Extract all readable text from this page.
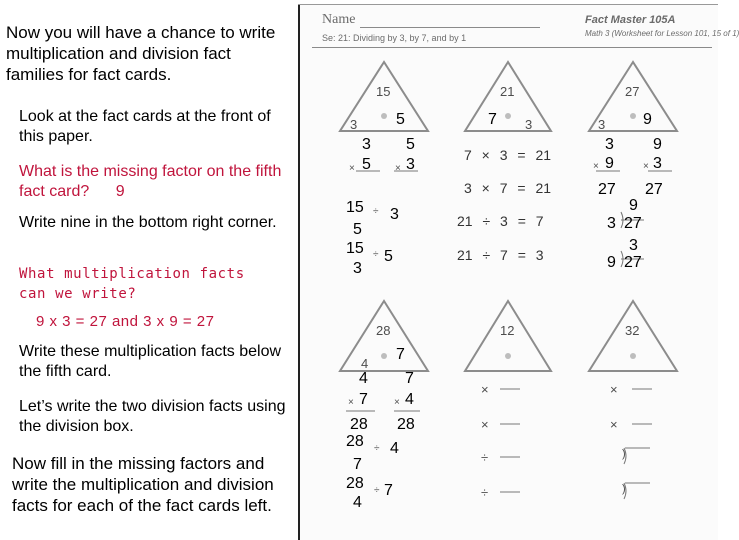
Now you will have a chance to write multiplication and division fact families for fact cards.
Look at the fact cards at the front of this paper.
What is the missing factor on the fifth fact card? 9
Write nine in the bottom right corner.
What multiplication facts can we write?
9 x 3 = 27 and 3 x 9 = 27
Write these multiplication facts below the fifth card.
Let’s write the two division facts using the division box.
Now fill in the missing factors and write the multiplication and division facts for each of the fact cards left.
Name
Se: 21: Dividing by 3, by 7, and by 1
Fact Master 105A
Math 3 (Worksheet for Lesson 101, 15 of 1)
15
3 5
3
5
×
5
3
×
15 ÷ 3
5
15 ÷ 5
3
21
7 3
7 × 3 = 21
3 × 7 = 21
21 ÷ 3 = 7
21 ÷ 7 = 3
27
3 9
3
9
×
27
9
3
×
27
9
3 27
3
9 27
28
4
7
4
7
×
28
7
4
×
28
28 ÷ 4
7
28 ÷ 7
4
12
×
×
÷
÷
32
×
×
)
)
